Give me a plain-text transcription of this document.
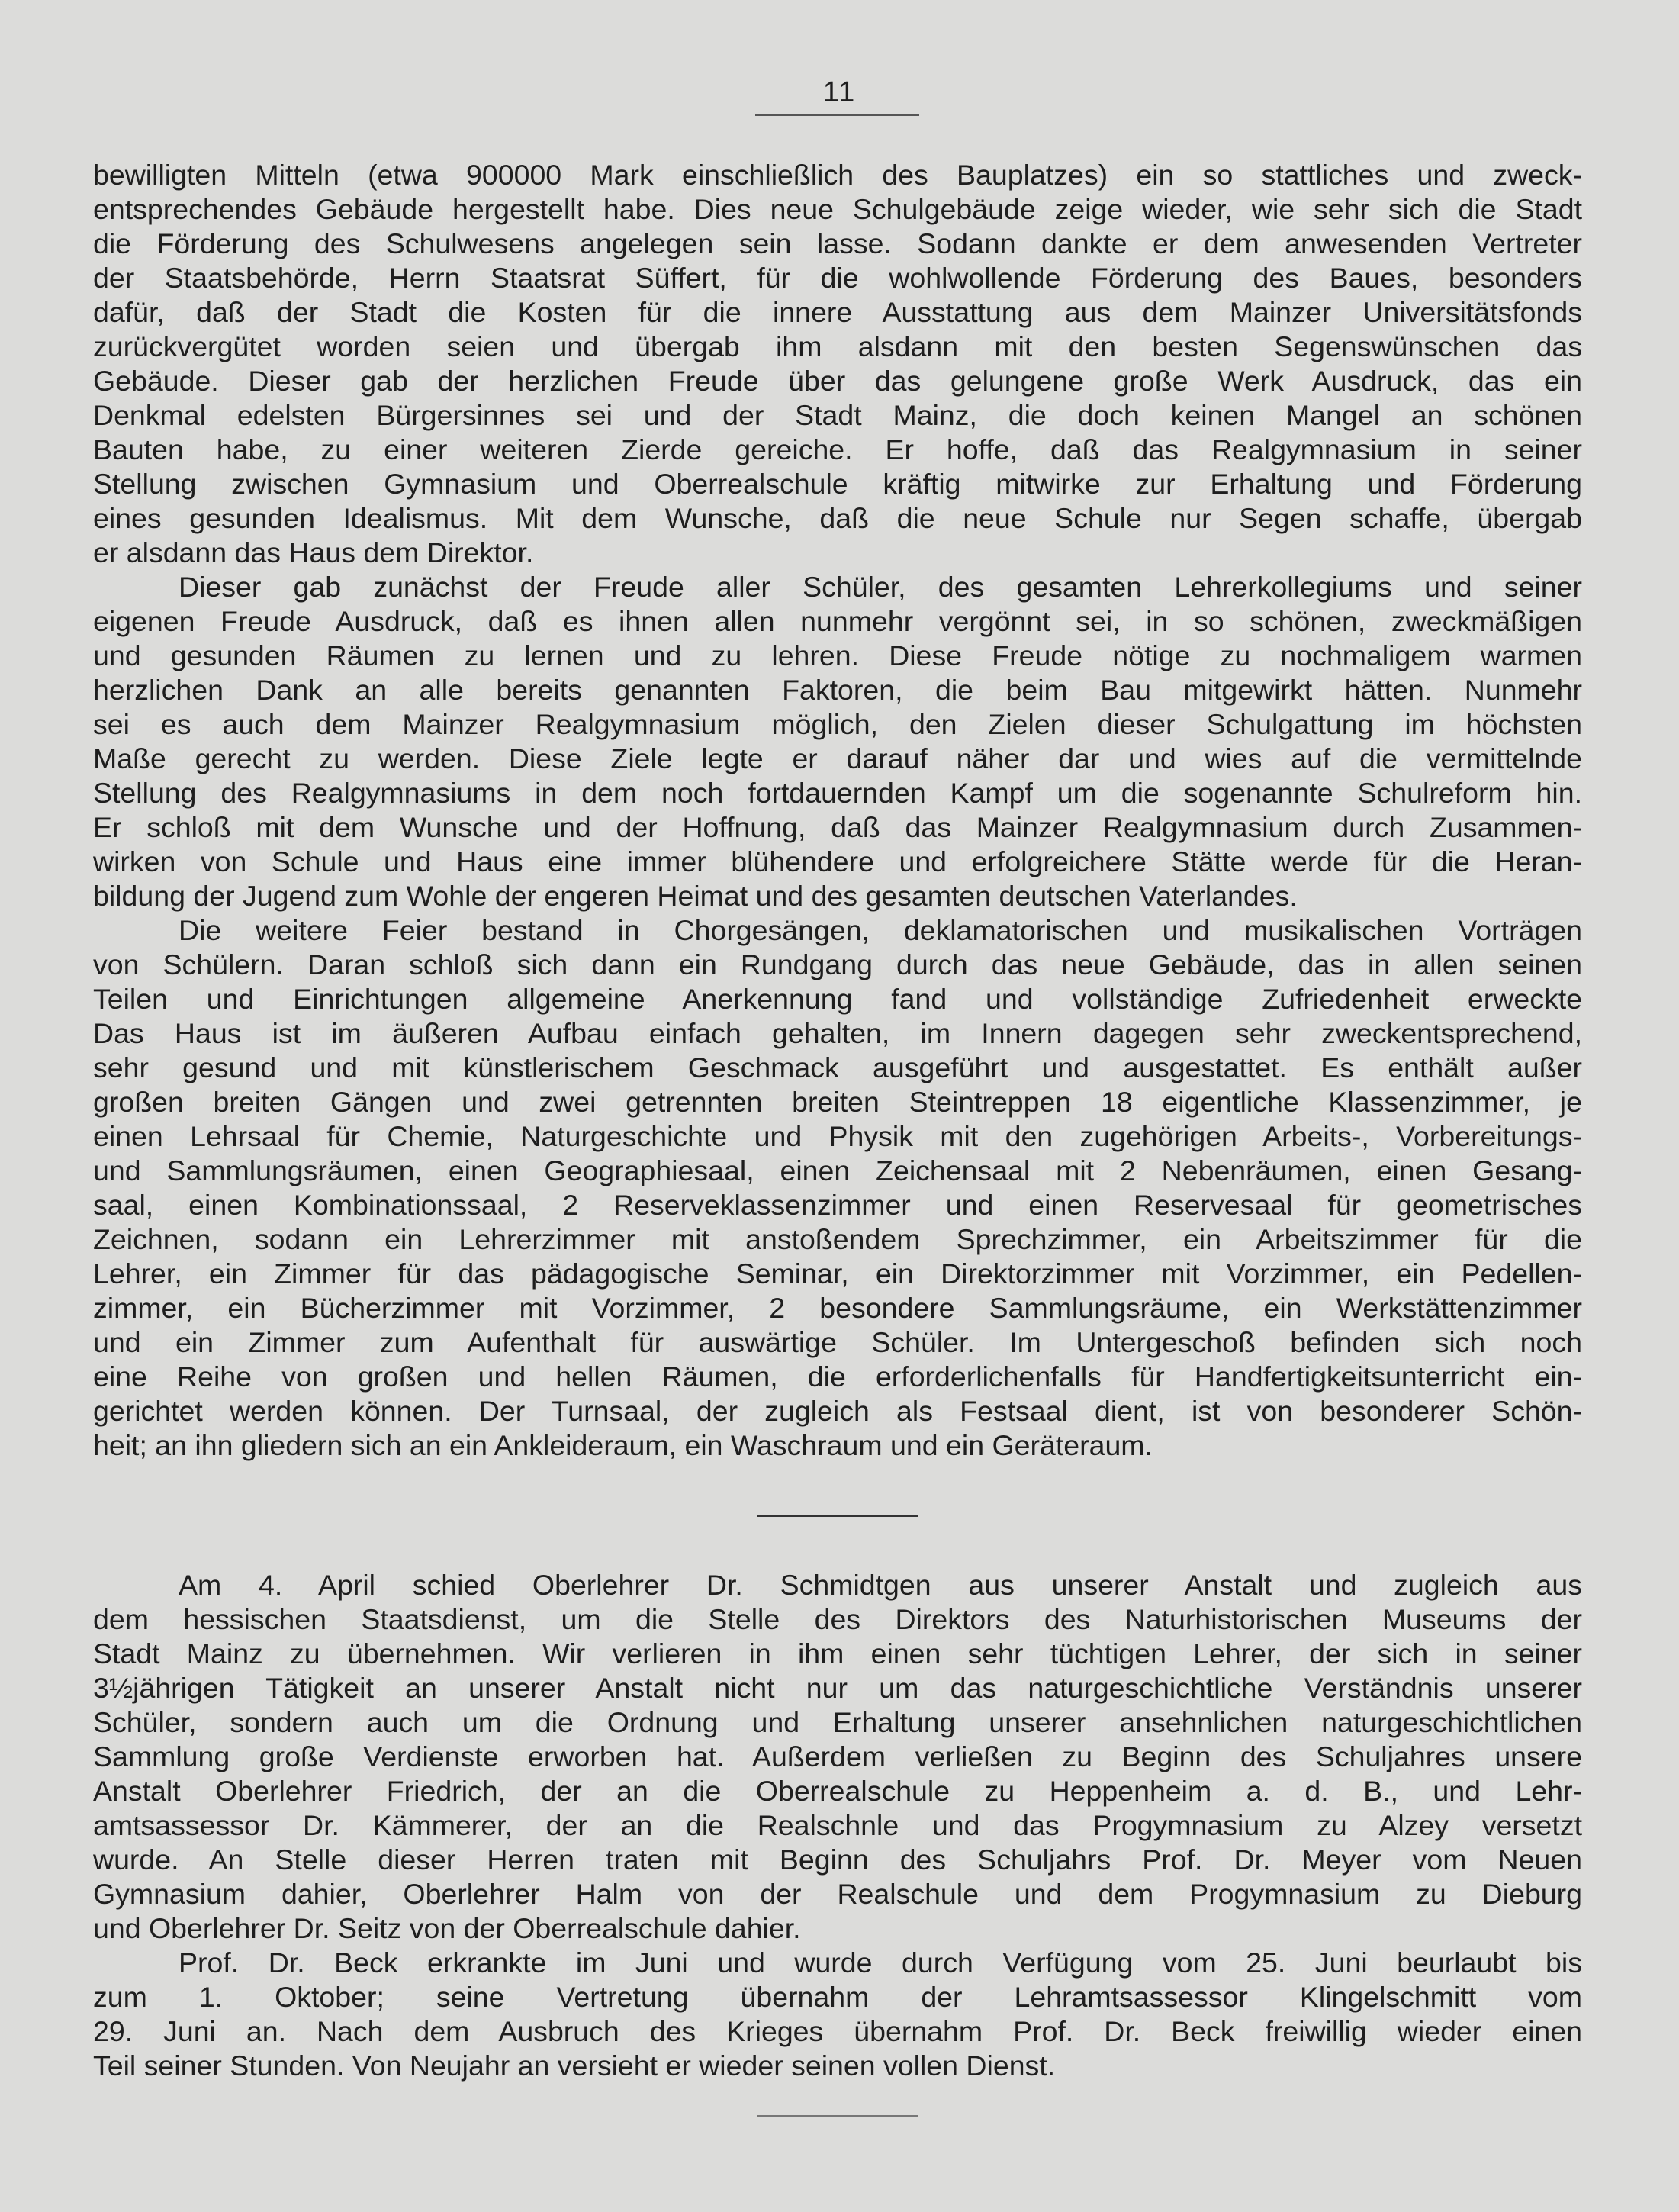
11
bewilligten Mitteln (etwa 900000 Mark einschließlich des Bauplatzes) ein so stattliches und zweck-
entsprechendes Gebäude hergestellt habe. Dies neue Schulgebäude zeige wieder, wie sehr sich die Stadt
die Förderung des Schulwesens angelegen sein lasse. Sodann dankte er dem anwesenden Vertreter
der Staatsbehörde, Herrn Staatsrat Süffert, für die wohlwollende Förderung des Baues, besonders
dafür, daß der Stadt die Kosten für die innere Ausstattung aus dem Mainzer Universitätsfonds
zurückvergütet worden seien und übergab ihm alsdann mit den besten Segenswünschen das
Gebäude. Dieser gab der herzlichen Freude über das gelungene große Werk Ausdruck, das ein
Denkmal edelsten Bürgersinnes sei und der Stadt Mainz, die doch keinen Mangel an schönen
Bauten habe, zu einer weiteren Zierde gereiche. Er hoffe, daß das Realgymnasium in seiner
Stellung zwischen Gymnasium und Oberrealschule kräftig mitwirke zur Erhaltung und Förderung
eines gesunden Idealismus. Mit dem Wunsche, daß die neue Schule nur Segen schaffe, übergab
er alsdann das Haus dem Direktor.
Dieser gab zunächst der Freude aller Schüler, des gesamten Lehrerkollegiums und seiner
eigenen Freude Ausdruck, daß es ihnen allen nunmehr vergönnt sei, in so schönen, zweckmäßigen
und gesunden Räumen zu lernen und zu lehren. Diese Freude nötige zu nochmaligem warmen
herzlichen Dank an alle bereits genannten Faktoren, die beim Bau mitgewirkt hätten. Nunmehr
sei es auch dem Mainzer Realgymnasium möglich, den Zielen dieser Schulgattung im höchsten
Maße gerecht zu werden. Diese Ziele legte er darauf näher dar und wies auf die vermittelnde
Stellung des Realgymnasiums in dem noch fortdauernden Kampf um die sogenannte Schulreform hin.
Er schloß mit dem Wunsche und der Hoffnung, daß das Mainzer Realgymnasium durch Zusammen-
wirken von Schule und Haus eine immer blühendere und erfolgreichere Stätte werde für die Heran-
bildung der Jugend zum Wohle der engeren Heimat und des gesamten deutschen Vaterlandes.
Die weitere Feier bestand in Chorgesängen, deklamatorischen und musikalischen Vorträgen
von Schülern. Daran schloß sich dann ein Rundgang durch das neue Gebäude, das in allen seinen
Teilen und Einrichtungen allgemeine Anerkennung fand und vollständige Zufriedenheit erweckte
Das Haus ist im äußeren Aufbau einfach gehalten, im Innern dagegen sehr zweckentsprechend,
sehr gesund und mit künstlerischem Geschmack ausgeführt und ausgestattet. Es enthält außer
großen breiten Gängen und zwei getrennten breiten Steintreppen 18 eigentliche Klassenzimmer, je
einen Lehrsaal für Chemie, Naturgeschichte und Physik mit den zugehörigen Arbeits-, Vorbereitungs-
und Sammlungsräumen, einen Geographiesaal, einen Zeichensaal mit 2 Nebenräumen, einen Gesang-
saal, einen Kombinationssaal, 2 Reserveklassenzimmer und einen Reservesaal für geometrisches
Zeichnen, sodann ein Lehrerzimmer mit anstoßendem Sprechzimmer, ein Arbeitszimmer für die
Lehrer, ein Zimmer für das pädagogische Seminar, ein Direktorzimmer mit Vorzimmer, ein Pedellen-
zimmer, ein Bücherzimmer mit Vorzimmer, 2 besondere Sammlungsräume, ein Werkstättenzimmer
und ein Zimmer zum Aufenthalt für auswärtige Schüler. Im Untergeschoß befinden sich noch
eine Reihe von großen und hellen Räumen, die erforderlichenfalls für Handfertigkeitsunterricht ein-
gerichtet werden können. Der Turnsaal, der zugleich als Festsaal dient, ist von besonderer Schön-
heit; an ihn gliedern sich an ein Ankleideraum, ein Waschraum und ein Geräteraum.
Am 4. April schied Oberlehrer Dr. Schmidtgen aus unserer Anstalt und zugleich aus
dem hessischen Staatsdienst, um die Stelle des Direktors des Naturhistorischen Museums der
Stadt Mainz zu übernehmen. Wir verlieren in ihm einen sehr tüchtigen Lehrer, der sich in seiner
3½jährigen Tätigkeit an unserer Anstalt nicht nur um das naturgeschichtliche Verständnis unserer
Schüler, sondern auch um die Ordnung und Erhaltung unserer ansehnlichen naturgeschichtlichen
Sammlung große Verdienste erworben hat. Außerdem verließen zu Beginn des Schuljahres unsere
Anstalt Oberlehrer Friedrich, der an die Oberrealschule zu Heppenheim a. d. B., und Lehr-
amtsassessor Dr. Kämmerer, der an die Realschnle und das Progymnasium zu Alzey versetzt
wurde. An Stelle dieser Herren traten mit Beginn des Schuljahrs Prof. Dr. Meyer vom Neuen
Gymnasium dahier, Oberlehrer Halm von der Realschule und dem Progymnasium zu Dieburg
und Oberlehrer Dr. Seitz von der Oberrealschule dahier.
Prof. Dr. Beck erkrankte im Juni und wurde durch Verfügung vom 25. Juni beurlaubt bis
zum 1. Oktober; seine Vertretung übernahm der Lehramtsassessor Klingelschmitt vom
29. Juni an. Nach dem Ausbruch des Krieges übernahm Prof. Dr. Beck freiwillig wieder einen
Teil seiner Stunden. Von Neujahr an versieht er wieder seinen vollen Dienst.
